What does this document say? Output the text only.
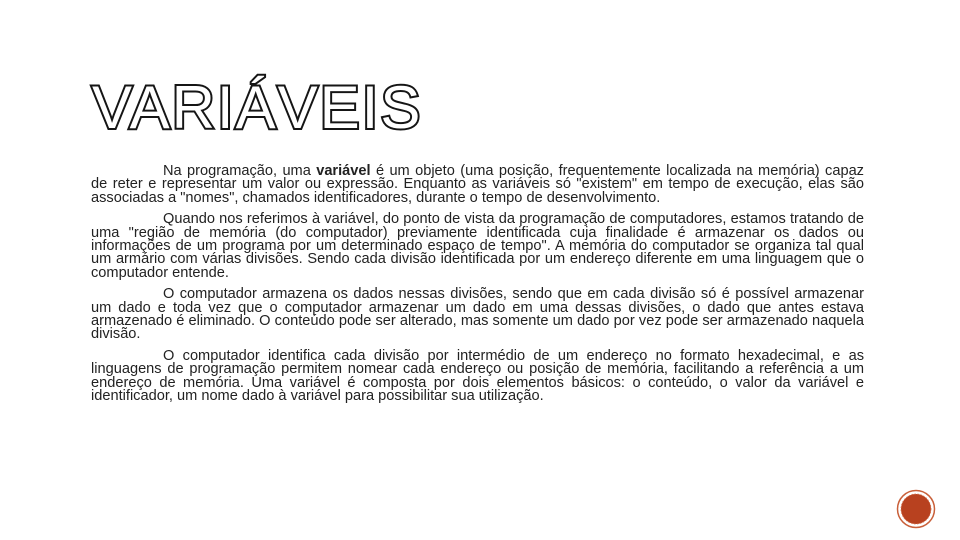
VARIÁVEIS

Na programação, uma variável é um objeto (uma posição, frequentemente localizada na memória) capaz de reter e representar um valor ou expressão. Enquanto as variáveis só "existem" em tempo de execução, elas são associadas a "nomes", chamados identificadores, durante o tempo de desenvolvimento.

Quando nos referimos à variável, do ponto de vista da programação de computadores, estamos tratando de uma "região de memória (do computador) previamente identificada cuja finalidade é armazenar os dados ou informações de um programa por um determinado espaço de tempo". A memória do computador se organiza tal qual um armário com várias divisões. Sendo cada divisão identificada por um endereço diferente em uma linguagem que o computador entende.

O computador armazena os dados nessas divisões, sendo que em cada divisão só é possível armazenar um dado e toda vez que o computador armazenar um dado em uma dessas divisões, o dado que antes estava armazenado é eliminado. O conteúdo pode ser alterado, mas somente um dado por vez pode ser armazenado naquela divisão.

O computador identifica cada divisão por intermédio de um endereço no formato hexadecimal, e as linguagens de programação permitem nomear cada endereço ou posição de memória, facilitando a referência a um endereço de memória. Uma variável é composta por dois elementos básicos: o conteúdo, o valor da variável e identificador, um nome dado à variável para possibilitar sua utilização.
